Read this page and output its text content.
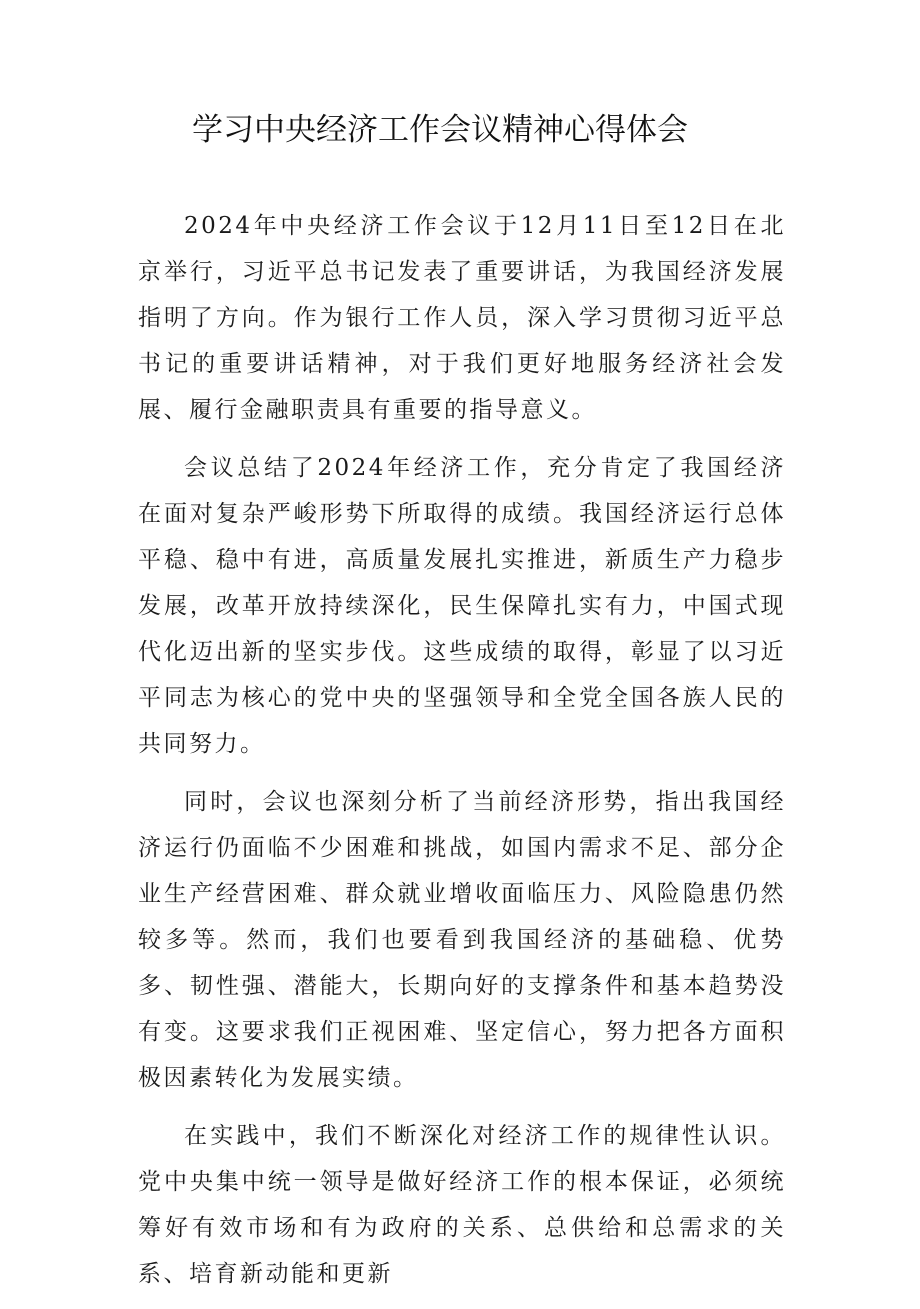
学习中央经济工作会议精神心得体会

2024年中央经济工作会议于12月11日至12日在北京举行，习近平总书记发表了重要讲话，为我国经济发展指明了方向。作为银行工作人员，深入学习贯彻习近平总书记的重要讲话精神，对于我们更好地服务经济社会发展、履行金融职责具有重要的指导意义。

会议总结了2024年经济工作，充分肯定了我国经济在面对复杂严峻形势下所取得的成绩。我国经济运行总体平稳、稳中有进，高质量发展扎实推进，新质生产力稳步发展，改革开放持续深化，民生保障扎实有力，中国式现代化迈出新的坚实步伐。这些成绩的取得，彰显了以习近平同志为核心的党中央的坚强领导和全党全国各族人民的共同努力。

同时，会议也深刻分析了当前经济形势，指出我国经济运行仍面临不少困难和挑战，如国内需求不足、部分企业生产经营困难、群众就业增收面临压力、风险隐患仍然较多等。然而，我们也要看到我国经济的基础稳、优势多、韧性强、潜能大，长期向好的支撑条件和基本趋势没有变。这要求我们正视困难、坚定信心，努力把各方面积极因素转化为发展实绩。

在实践中，我们不断深化对经济工作的规律性认识。党中央集中统一领导是做好经济工作的根本保证，必须统筹好有效市场和有为政府的关系、总供给和总需求的关系、培育新动能和更新
